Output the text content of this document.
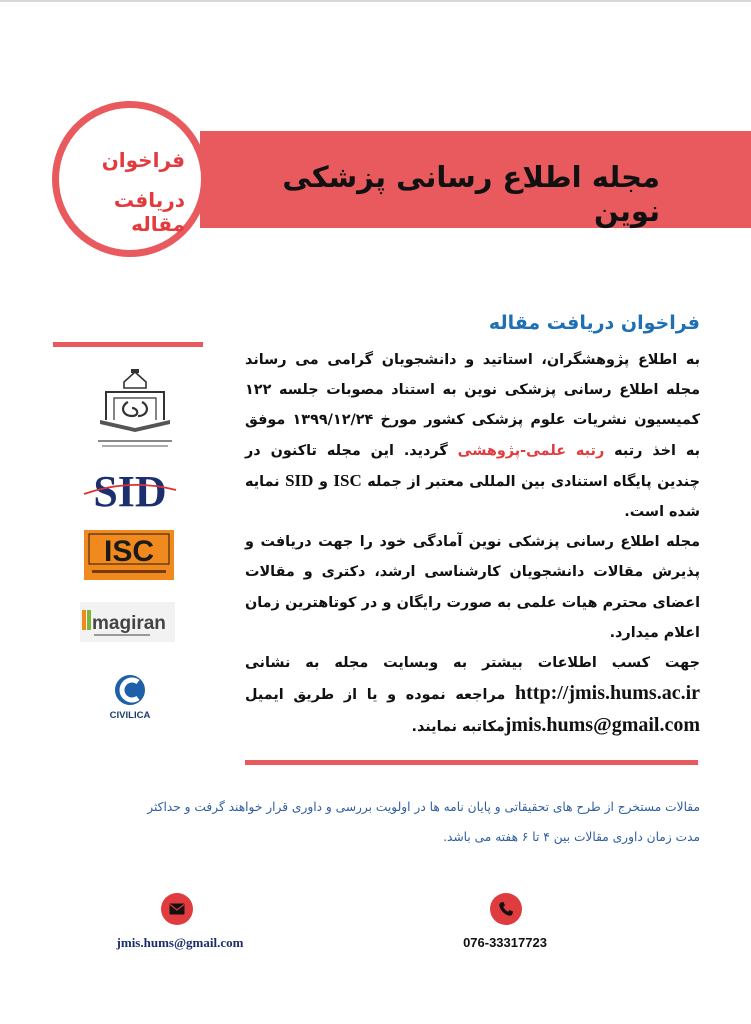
مجله اطلاع رسانی پزشکی نوین
فراخوان
دریافت مقاله
فراخوان دریافت مقاله
SID
ISC
magiran
CIVILICA

به اطلاع پژوهشگران، استاتید و دانشجویان گرامی می رساند مجله اطلاع رسانی پزشکی نوین به استناد مصوبات جلسه ۱۲۲ کمیسیون نشریات علوم پزشکی کشور مورخ ۱۳۹۹/۱۲/۲۴ موفق به اخذ رتبه رتبه علمی-پژوهشی گردید. این مجله تاکنون در چندین پایگاه استنادی بین المللی معتبر از جمله ISC و SID نمایه شده است.

مجله اطلاع رسانی پزشکی نوین آمادگی خود را جهت دریافت و پذیرش مقالات دانشجویان کارشناسی ارشد، دکتری و مقالات اعضای محترم هیات علمی به صورت رایگان و در کوتاهترین زمان اعلام میدارد.

جهت کسب اطلاعات بیشتر به وبسایت مجله به نشانی http://jmis.hums.ac.ir مراجعه نموده و یا از طریق ایمیل jmis.hums@gmail.comمکاتبه نمایند.

مقالات مستخرج از طرح های تحقیقاتی و پایان نامه ها در اولویت بررسی و داوری قرار خواهند گرفت و حداکثر

مدت زمان داوری مقالات بین ۴ تا ۶ هفته می باشد.

jmis.hums@gmail.com	076-33317723
